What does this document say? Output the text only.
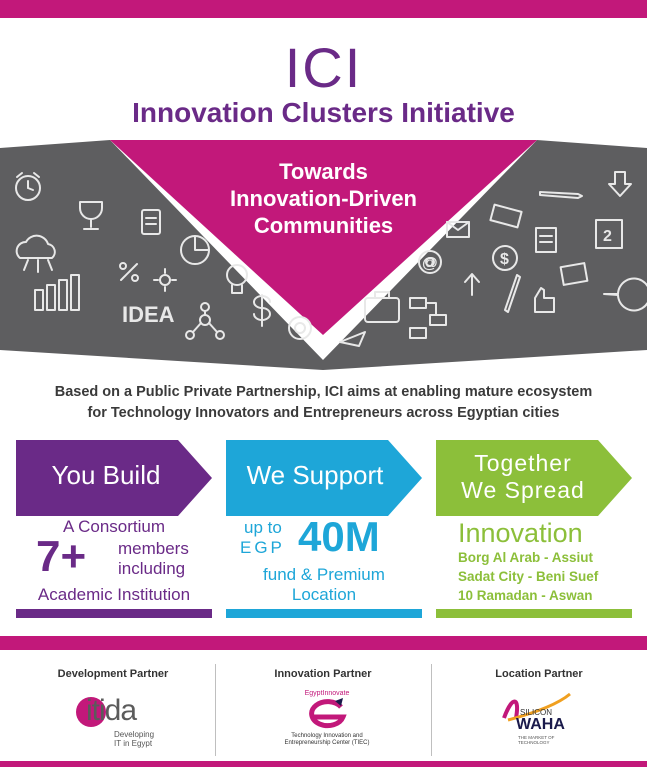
ICI
Innovation Clusters Initiative
IDEA
2
$
@
Towards
Innovation-Driven
Communities
Based on a Public Private Partnership, ICI aims at enabling mature ecosystem
for Technology Innovators and Entrepreneurs across Egyptian cities
You Build
A Consortium
7+ members
including
Academic Institution
We Support
up to
EGP 40M
fund & Premium
Location
Together
We Spread
Innovation
Borg Al Arab - Assiut
Sadat City - Beni Suef
10 Ramadan - Aswan
Development Partner	Innovation Partner	Location Partner
itida
Developing
IT in Egypt
EgyptInnovate
Technology Innovation and
Entrepreneurship Center (TIEC)
SILICON
WAHA
THE MARKET OF TECHNOLOGY
